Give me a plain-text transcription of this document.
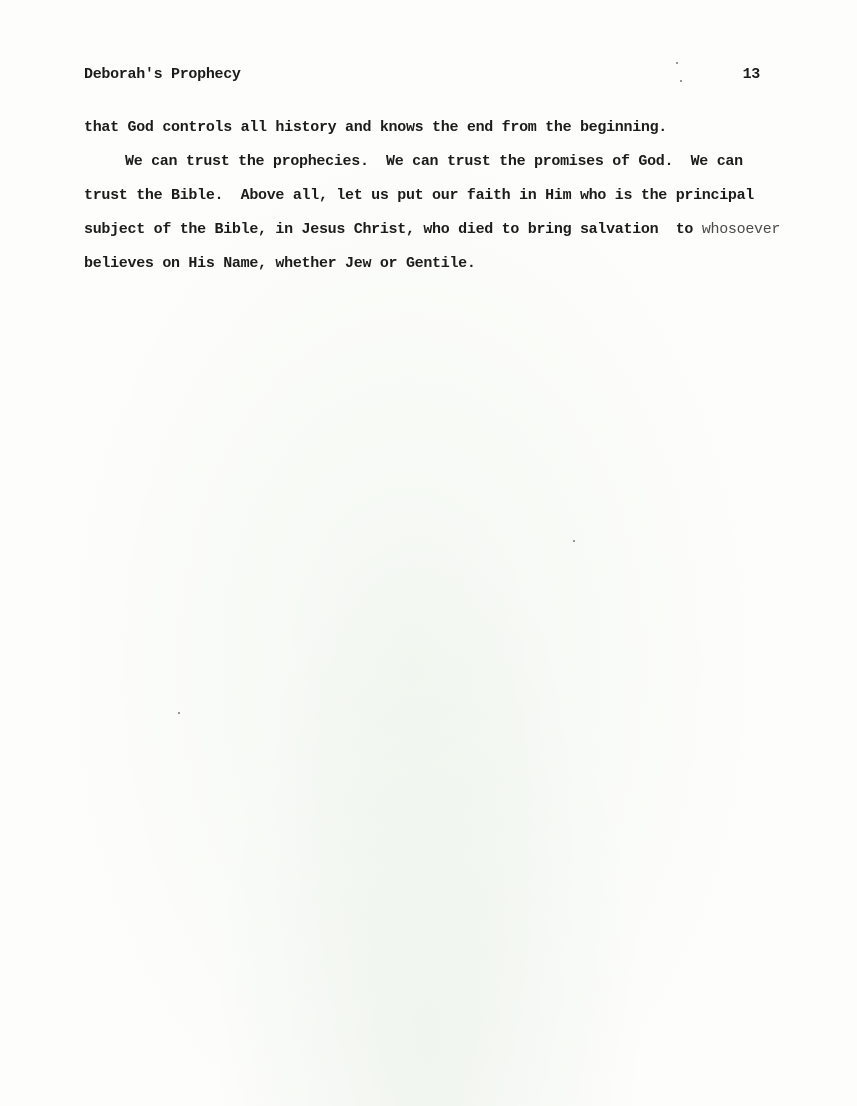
Deborah's Prophecy	13
that God controls all history and knows the end from the beginning.
We can trust the prophecies.  We can trust the promises of God.  We can
trust the Bible.  Above all, let us put our faith in Him who is the principal
subject of the Bible, in Jesus Christ, who died to bring salvation  to whosoever
believes on His Name, whether Jew or Gentile.
